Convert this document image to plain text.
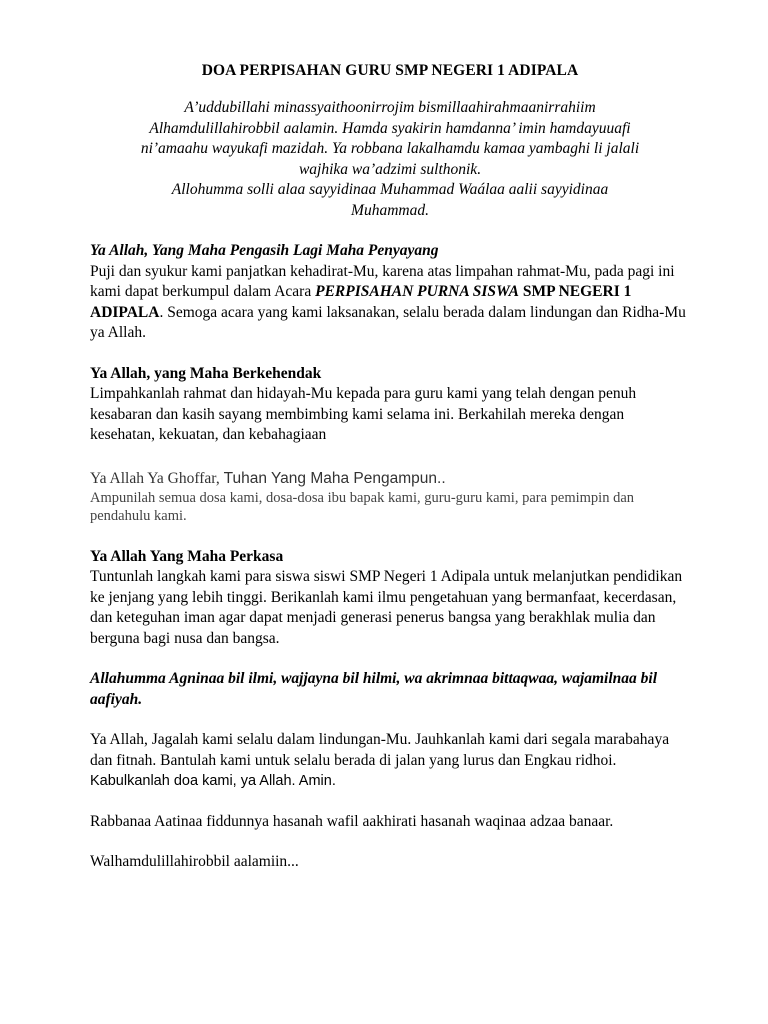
DOA PERPISAHAN GURU SMP NEGERI 1 ADIPALA
A’uddubillahi minassyaithoonirrojim bismillaahirahmaanirrahiim
Alhamdulillahirobbil aalamin. Hamda syakirin hamdanna’ imin hamdayuuafi
ni’amaahu wayukafi mazidah. Ya robbana lakalhamdu kamaa yambaghi li jalali
wajhika wa’adzimi sulthonik.
Allohumma solli alaa sayyidinaa Muhammad Waálaa aalii sayyidinaa
Muhammad.
Ya Allah, Yang Maha Pengasih Lagi Maha Penyayang

Puji dan syukur kami panjatkan kehadirat-Mu, karena atas limpahan rahmat-Mu, pada pagi ini kami dapat berkumpul dalam Acara PERPISAHAN PURNA SISWA SMP NEGERI 1 ADIPALA. Semoga acara yang kami laksanakan, selalu berada dalam lindungan dan Ridha-Mu ya Allah.

Ya Allah, yang Maha Berkehendak

Limpahkanlah rahmat dan hidayah-Mu kepada para guru kami yang telah dengan penuh kesabaran dan kasih sayang membimbing kami selama ini. Berkahilah mereka dengan kesehatan, kekuatan, dan kebahagiaan

Ya Allah Ya Ghoffar, Tuhan Yang Maha Pengampun..

Ampunilah semua dosa kami, dosa-dosa ibu bapak kami, guru-guru kami, para pemimpin dan pendahulu kami.

Ya Allah Yang Maha Perkasa

Tuntunlah langkah kami para siswa siswi SMP Negeri 1 Adipala untuk melanjutkan pendidikan ke jenjang yang lebih tinggi. Berikanlah kami ilmu pengetahuan yang bermanfaat, kecerdasan, dan keteguhan iman agar dapat menjadi generasi penerus bangsa yang berakhlak mulia dan berguna bagi nusa dan bangsa.

Allahumma Agninaa bil ilmi, wajjayna bil hilmi, wa akrimnaa bittaqwaa, wajamilnaa bil aafiyah.

Ya Allah, Jagalah kami selalu dalam lindungan-Mu. Jauhkanlah kami dari segala marabahaya dan fitnah. Bantulah kami untuk selalu berada di jalan yang lurus dan Engkau ridhoi. Kabulkanlah doa kami, ya Allah. Amin.

Rabbanaa Aatinaa fiddunnya hasanah wafil aakhirati hasanah waqinaa adzaa banaar.

Walhamdulillahirobbil aalamiin...
